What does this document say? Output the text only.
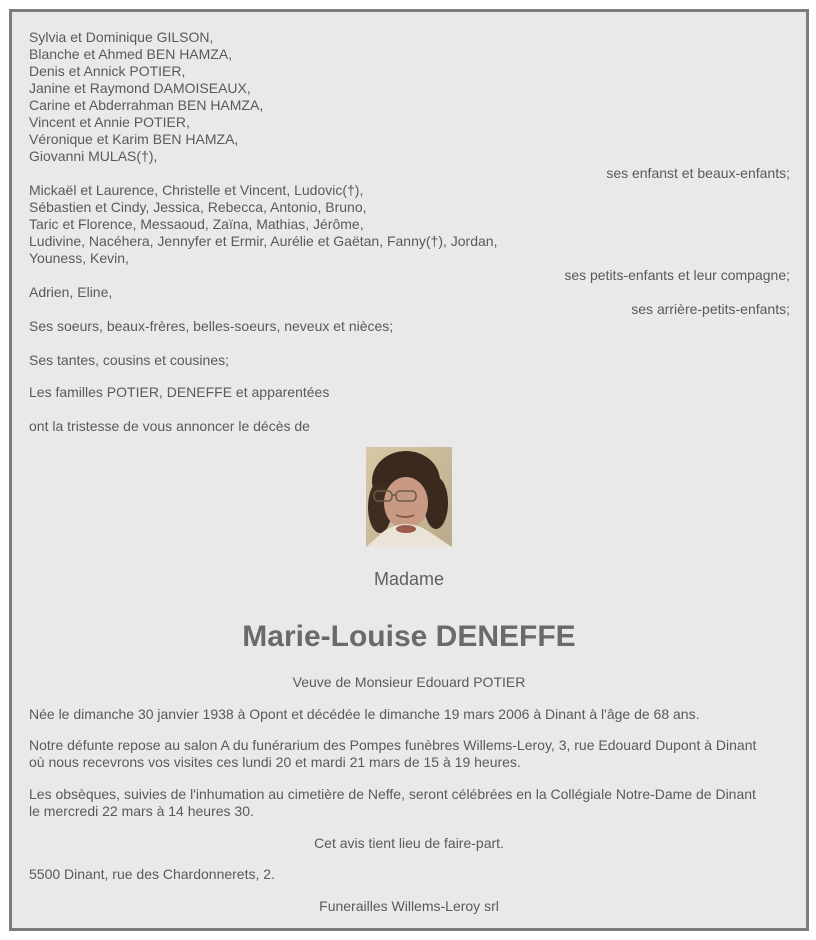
Sylvia et Dominique GILSON,
Blanche et Ahmed BEN HAMZA,
Denis et Annick POTIER,
Janine et Raymond DAMOISEAUX,
Carine et Abderrahman BEN HAMZA,
Vincent et Annie POTIER,
Véronique et Karim BEN HAMZA,
Giovanni MULAS(†),
ses enfanst et beaux-enfants;
Mickaël et Laurence, Christelle et Vincent, Ludovic(†),
Sébastien et Cindy, Jessica, Rebecca, Antonio, Bruno,
Taric et Florence, Messaoud, Zaïna, Mathias, Jérôme,
Ludivine, Nacéhera, Jennyfer et Ermir, Aurélie et Gaëtan, Fanny(†), Jordan,
Youness, Kevin,
ses petits-enfants et leur compagne;
Adrien, Eline,
ses arrière-petits-enfants;
Ses soeurs, beaux-frères, belles-soeurs, neveux et nièces;
Ses tantes, cousins et cousines;
Les familles POTIER, DENEFFE et apparentées
ont la tristesse de vous annoncer le décès de
Madame
Marie-Louise DENEFFE
Veuve de Monsieur Edouard POTIER
Née le dimanche 30 janvier 1938 à Opont et décédée le dimanche 19 mars 2006 à Dinant à l'âge de 68 ans.
Notre défunte repose au salon A du funérarium des Pompes funèbres Willems-Leroy, 3, rue Edouard Dupont à Dinant
où nous recevrons vos visites ces lundi 20 et mardi 21 mars de 15 à 19 heures.
Les obsèques, suivies de l'inhumation au cimetière de Neffe, seront célébrées en la Collégiale Notre-Dame de Dinant
le mercredi 22 mars à 14 heures 30.
Cet avis tient lieu de faire-part.
5500 Dinant, rue des Chardonnerets, 2.
Funerailles Willems-Leroy srl
